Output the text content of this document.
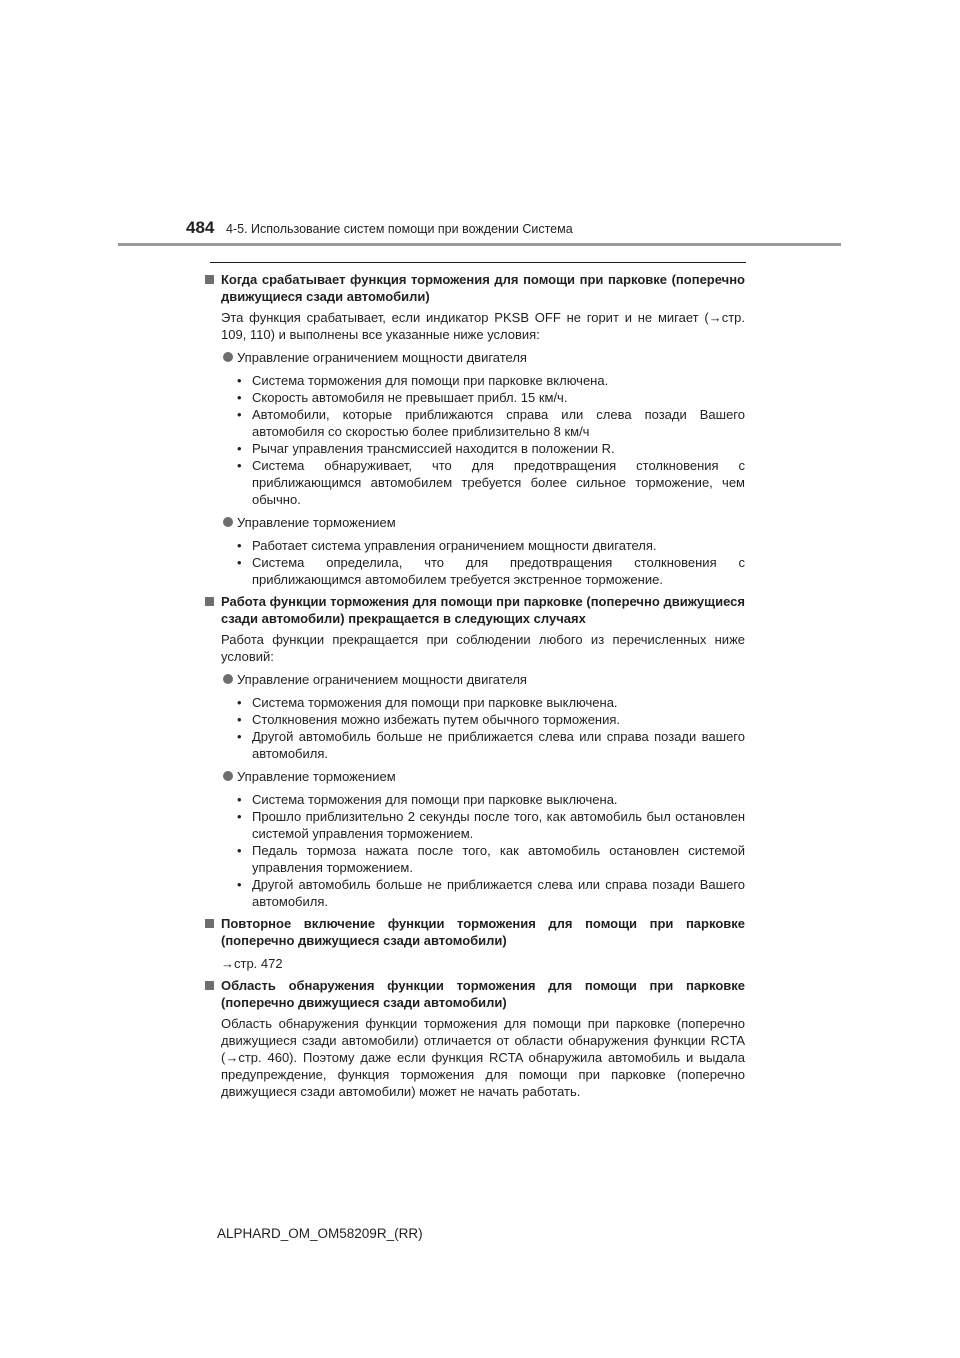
484 4-5. Использование систем помощи при вождении Система
Когда срабатывает функция торможения для помощи при парковке (поперечно движущиеся сзади автомобили)
Эта функция срабатывает, если индикатор PKSB OFF не горит и не мигает (→стр. 109, 110) и выполнены все указанные ниже условия:
Управление ограничением мощности двигателя
• Система торможения для помощи при парковке включена.
• Скорость автомобиля не превышает прибл. 15 км/ч.
• Автомобили, которые приближаются справа или слева позади Вашего автомобиля со скоростью более приблизительно 8 км/ч
• Рычаг управления трансмиссией находится в положении R.
• Система обнаруживает, что для предотвращения столкновения с приближающимся автомобилем требуется более сильное торможение, чем обычно.
Управление торможением
• Работает система управления ограничением мощности двигателя.
• Система определила, что для предотвращения столкновения с приближающимся автомобилем требуется экстренное торможение.
Работа функции торможения для помощи при парковке (поперечно движущиеся сзади автомобили) прекращается в следующих случаях
Работа функции прекращается при соблюдении любого из перечисленных ниже условий:
Управление ограничением мощности двигателя
• Система торможения для помощи при парковке выключена.
• Столкновения можно избежать путем обычного торможения.
• Другой автомобиль больше не приближается слева или справа позади вашего автомобиля.
Управление торможением
• Система торможения для помощи при парковке выключена.
• Прошло приблизительно 2 секунды после того, как автомобиль был остановлен системой управления торможением.
• Педаль тормоза нажата после того, как автомобиль остановлен системой управления торможением.
• Другой автомобиль больше не приближается слева или справа позади Вашего автомобиля.
Повторное включение функции торможения для помощи при парковке (поперечно движущиеся сзади автомобили)
→стр. 472
Область обнаружения функции торможения для помощи при парковке (поперечно движущиеся сзади автомобили)
Область обнаружения функции торможения для помощи при парковке (поперечно движущиеся сзади автомобили) отличается от области обнаружения функции RCTA (→стр. 460). Поэтому даже если функция RCTA обнаружила автомобиль и выдала предупреждение, функция торможения для помощи при парковке (поперечно движущиеся сзади автомобили) может не начать работать.
ALPHARD_OM_OM58209R_(RR)
